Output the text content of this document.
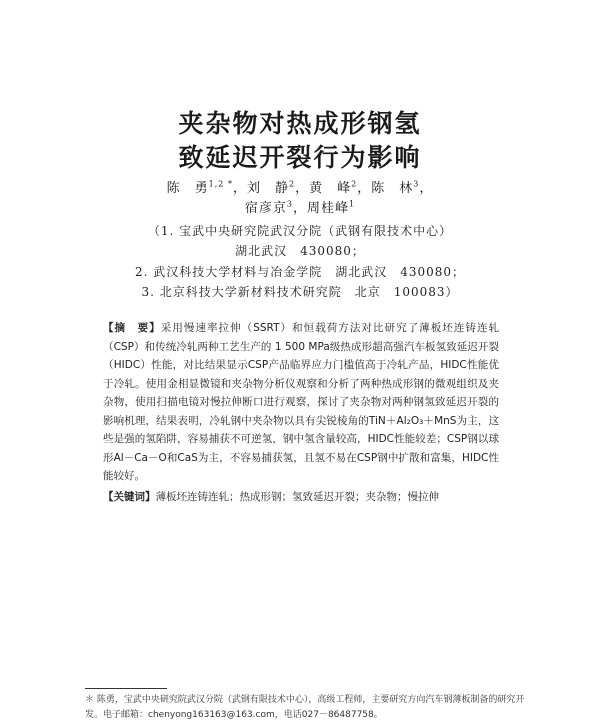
夹杂物对热成形钢氢
致延迟开裂行为影响
陈　勇$^{1,2 *}$，刘　静$^2$，黄　峰$^2$，陈　林$^3$，
宿彦京$^3$，周桂峰$^1$
（1. 宝武中央研究院武汉分院（武钢有限技术中心）
湖北武汉　430080；
2. 武汉科技大学材料与冶金学院　湖北武汉　430080；
3. 北京科技大学新材料技术研究院　北京　100083）
【摘　要】采用慢速率拉伸（SSRT）和恒载荷方法对比研究了薄板坯连铸连轧（CSP）和传统冷轧两种工艺生产的 1 500 MPa级热成形超高强汽车板氢致延迟开裂（HIDC）性能，对比结果显示CSP产品临界应力门槛值高于冷轧产品，HIDC性能优于冷轧。使用金相显微镜和夹杂物分析仪观察和分析了两种热成形钢的微观组织及夹杂物，使用扫描电镜对慢拉伸断口进行观察，探讨了夹杂物对两种钢氢致延迟开裂的影响机理，结果表明，冷轧钢中夹杂物以具有尖锐棱角的TiN＋Al₂O₃＋MnS为主，这些是强的氢陷阱，容易捕获不可逆氢，钢中氢含量较高，HIDC性能较差；CSP钢以球形Al－Ca－O和CaS为主，不容易捕获氢，且氢不易在CSP钢中扩散和富集，HIDC性能较好。
【关键词】薄板坯连铸连轧；热成形钢；氢致延迟开裂；夹杂物；慢拉伸
＊ 陈勇，宝武中央研究院武汉分院（武钢有限技术中心），高级工程师，主要研究方向汽车钢薄板制备的研究开发。电子邮箱：chenyong163163@163.com，电话027－86487758。
